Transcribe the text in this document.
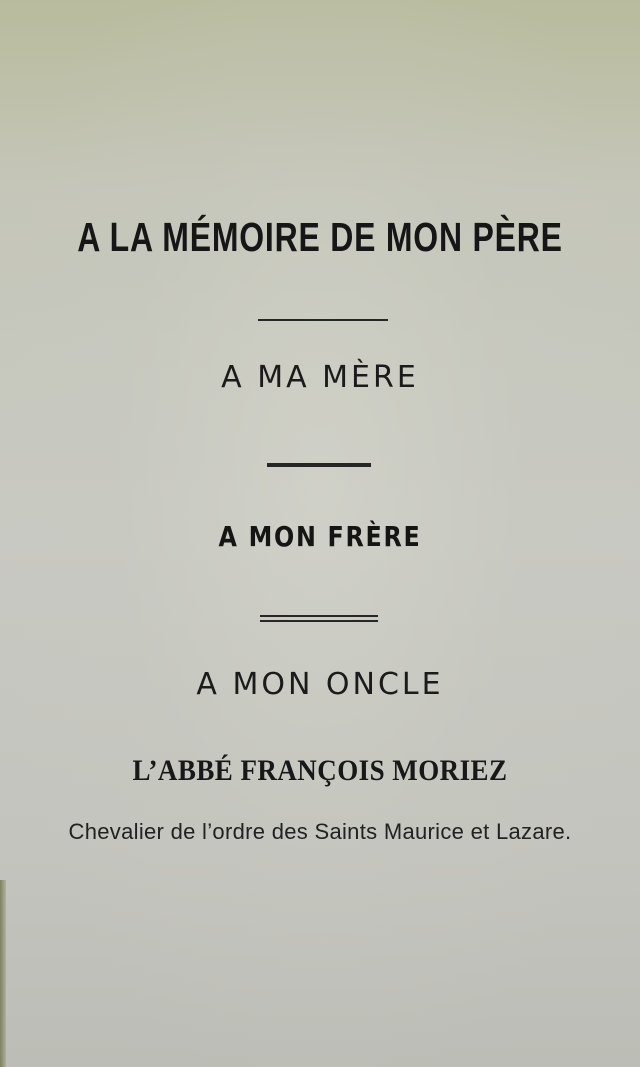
A LA MÉMOIRE DE MON PÈRE
A MA MÈRE
A MON FRÈRE
A MON ONCLE
L’ABBÉ FRANÇOIS MORIEZ
Chevalier de l’ordre des Saints Maurice et Lazare.
